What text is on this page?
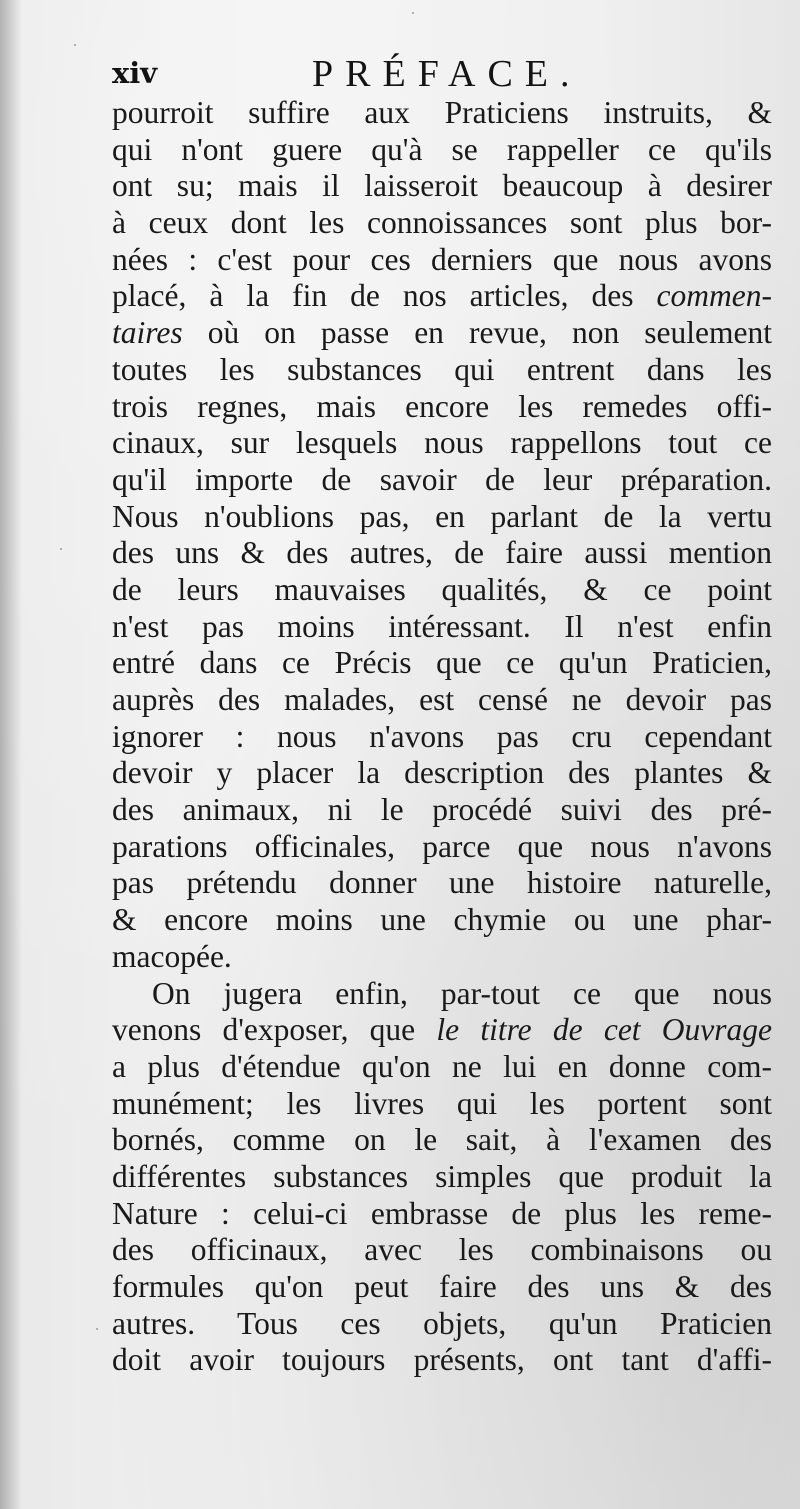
xiv	PRÉFACE.
pourroit suffire aux Praticiens instruits, &
qui n'ont guere qu'à se rappeller ce qu'ils
ont su; mais il laisseroit beaucoup à desirer
à ceux dont les connoissances sont plus bor-
nées : c'est pour ces derniers que nous avons
placé, à la fin de nos articles, des commen-
taires où on passe en revue, non seulement
toutes les substances qui entrent dans les
trois regnes, mais encore les remedes offi-
cinaux, sur lesquels nous rappellons tout ce
qu'il importe de savoir de leur préparation.
Nous n'oublions pas, en parlant de la vertu
des uns & des autres, de faire aussi mention
de leurs mauvaises qualités, & ce point
n'est pas moins intéressant. Il n'est enfin
entré dans ce Précis que ce qu'un Praticien,
auprès des malades, est censé ne devoir pas
ignorer : nous n'avons pas cru cependant
devoir y placer la description des plantes &
des animaux, ni le procédé suivi des pré-
parations officinales, parce que nous n'avons
pas prétendu donner une histoire naturelle,
& encore moins une chymie ou une phar-
macopée.
On jugera enfin, par-tout ce que nous
venons d'exposer, que le titre de cet Ouvrage
a plus d'étendue qu'on ne lui en donne com-
munément; les livres qui les portent sont
bornés, comme on le sait, à l'examen des
différentes substances simples que produit la
Nature : celui-ci embrasse de plus les reme-
des officinaux, avec les combinaisons ou
formules qu'on peut faire des uns & des
autres. Tous ces objets, qu'un Praticien
doit avoir toujours présents, ont tant d'affi-
